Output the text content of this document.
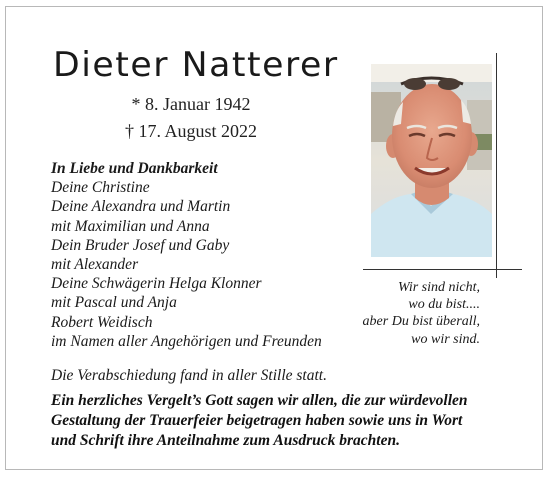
Dieter Natterer
* 8. Januar 1942
† 17. August 2022
In Liebe und Dankbarkeit
Deine Christine
Deine Alexandra und Martin
mit Maximilian und Anna
Dein Bruder Josef und Gaby
mit Alexander
Deine Schwägerin Helga Klonner
mit Pascal und Anja
Robert Weidisch
im Namen aller Angehörigen und Freunden
Wir sind nicht,
wo du bist....
aber Du bist überall,
wo wir sind.
Die Verabschiedung fand in aller Stille statt.
Ein herzliches Vergelt’s Gott sagen wir allen, die zur würdevollen
Gestaltung der Trauerfeier beigetragen haben sowie uns in Wort
und Schrift ihre Anteilnahme zum Ausdruck brachten.
